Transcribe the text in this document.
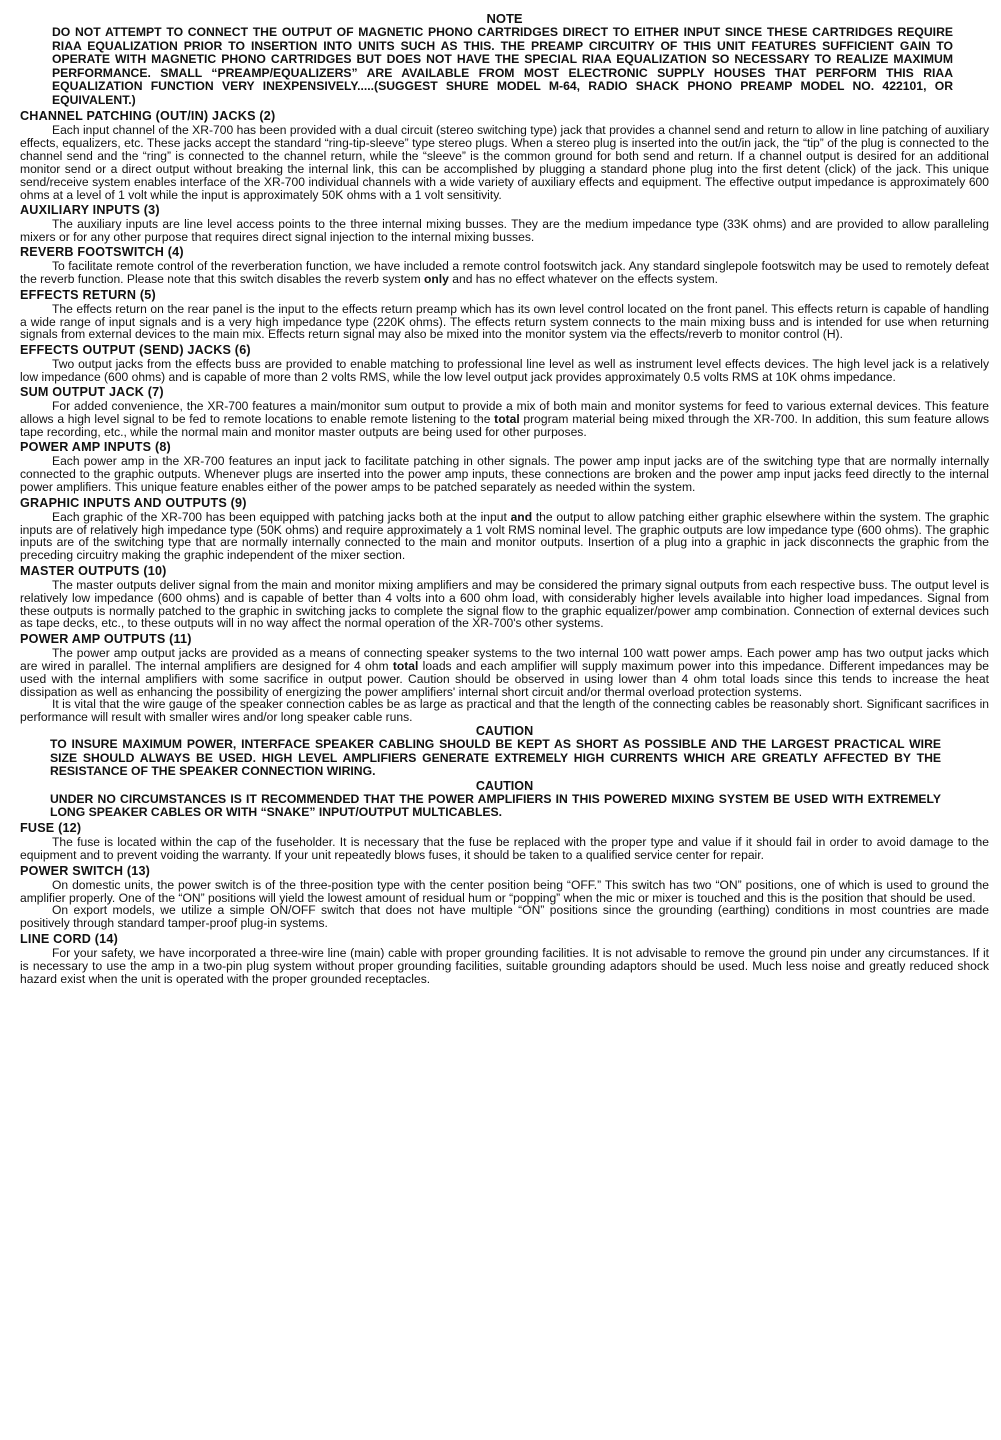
NOTE

DO NOT ATTEMPT TO CONNECT THE OUTPUT OF MAGNETIC PHONO CARTRIDGES DIRECT TO EITHER INPUT SINCE THESE CARTRIDGES REQUIRE RIAA EQUALIZATION PRIOR TO INSERTION INTO UNITS SUCH AS THIS. THE PREAMP CIRCUITRY OF THIS UNIT FEATURES SUFFICIENT GAIN TO OPERATE WITH MAGNETIC PHONO CARTRIDGES BUT DOES NOT HAVE THE SPECIAL RIAA EQUALIZATION SO NECESSARY TO REALIZE MAXIMUM PERFORMANCE. SMALL “PREAMP/EQUALIZERS” ARE AVAILABLE FROM MOST ELECTRONIC SUPPLY HOUSES THAT PERFORM THIS RIAA EQUALIZATION FUNCTION VERY INEXPENSIVELY.....(SUGGEST SHURE MODEL M-64, RADIO SHACK PHONO PREAMP MODEL NO. 422101, OR EQUIVALENT.)

CHANNEL PATCHING (OUT/IN) JACKS (2)

Each input channel of the XR-700 has been provided with a dual circuit (stereo switching type) jack that provides a channel send and return to allow in line patching of auxiliary effects, equalizers, etc. These jacks accept the standard “ring-tip-sleeve” type stereo plugs. When a stereo plug is inserted into the out/in jack, the “tip” of the plug is connected to the channel send and the “ring” is connected to the channel return, while the “sleeve” is the common ground for both send and return. If a channel output is desired for an additional monitor send or a direct output without breaking the internal link, this can be accomplished by plugging a standard phone plug into the first detent (click) of the jack. This unique send/receive system enables interface of the XR-700 individual channels with a wide variety of auxiliary effects and equipment. The effective output impedance is approximately 600 ohms at a level of 1 volt while the input is approximately 50K ohms with a 1 volt sensitivity.

AUXILIARY INPUTS (3)

The auxiliary inputs are line level access points to the three internal mixing busses. They are the medium impedance type (33K ohms) and are provided to allow paralleling mixers or for any other purpose that requires direct signal injection to the internal mixing busses.

REVERB FOOTSWITCH (4)

To facilitate remote control of the reverberation function, we have included a remote control footswitch jack. Any standard singlepole footswitch may be used to remotely defeat the reverb function. Please note that this switch disables the reverb system only and has no effect whatever on the effects system.

EFFECTS RETURN (5)

The effects return on the rear panel is the input to the effects return preamp which has its own level control located on the front panel. This effects return is capable of handling a wide range of input signals and is a very high impedance type (220K ohms). The effects return system connects to the main mixing buss and is intended for use when returning signals from external devices to the main mix. Effects return signal may also be mixed into the monitor system via the effects/reverb to monitor control (H).

EFFECTS OUTPUT (SEND) JACKS (6)

Two output jacks from the effects buss are provided to enable matching to professional line level as well as instrument level effects devices. The high level jack is a relatively low impedance (600 ohms) and is capable of more than 2 volts RMS, while the low level output jack provides approximately 0.5 volts RMS at 10K ohms impedance.

SUM OUTPUT JACK (7)

For added convenience, the XR-700 features a main/monitor sum output to provide a mix of both main and monitor systems for feed to various external devices. This feature allows a high level signal to be fed to remote locations to enable remote listening to the total program material being mixed through the XR-700. In addition, this sum feature allows tape recording, etc., while the normal main and monitor master outputs are being used for other purposes.

POWER AMP INPUTS (8)

Each power amp in the XR-700 features an input jack to facilitate patching in other signals. The power amp input jacks are of the switching type that are normally internally connected to the graphic outputs. Whenever plugs are inserted into the power amp inputs, these connections are broken and the power amp input jacks feed directly to the internal power amplifiers. This unique feature enables either of the power amps to be patched separately as needed within the system.

GRAPHIC INPUTS AND OUTPUTS (9)

Each graphic of the XR-700 has been equipped with patching jacks both at the input and the output to allow patching either graphic elsewhere within the system. The graphic inputs are of relatively high impedance type (50K ohms) and require approximately a 1 volt RMS nominal level. The graphic outputs are low impedance type (600 ohms). The graphic inputs are of the switching type that are normally internally connected to the main and monitor outputs. Insertion of a plug into a graphic in jack disconnects the graphic from the preceding circuitry making the graphic independent of the mixer section.

MASTER OUTPUTS (10)

The master outputs deliver signal from the main and monitor mixing amplifiers and may be considered the primary signal outputs from each respective buss. The output level is relatively low impedance (600 ohms) and is capable of better than 4 volts into a 600 ohm load, with considerably higher levels available into higher load impedances. Signal from these outputs is normally patched to the graphic in switching jacks to complete the signal flow to the graphic equalizer/power amp combination. Connection of external devices such as tape decks, etc., to these outputs will in no way affect the normal operation of the XR-700's other systems.

POWER AMP OUTPUTS (11)

The power amp output jacks are provided as a means of connecting speaker systems to the two internal 100 watt power amps. Each power amp has two output jacks which are wired in parallel. The internal amplifiers are designed for 4 ohm total loads and each amplifier will supply maximum power into this impedance. Different impedances may be used with the internal amplifiers with some sacrifice in output power. Caution should be observed in using lower than 4 ohm total loads since this tends to increase the heat dissipation as well as enhancing the possibility of energizing the power amplifiers' internal short circuit and/or thermal overload protection systems.

It is vital that the wire gauge of the speaker connection cables be as large as practical and that the length of the connecting cables be reasonably short. Significant sacrifices in performance will result with smaller wires and/or long speaker cable runs.

CAUTION

TO INSURE MAXIMUM POWER, INTERFACE SPEAKER CABLING SHOULD BE KEPT AS SHORT AS POSSIBLE AND THE LARGEST PRACTICAL WIRE SIZE SHOULD ALWAYS BE USED. HIGH LEVEL AMPLIFIERS GENERATE EXTREMELY HIGH CURRENTS WHICH ARE GREATLY AFFECTED BY THE RESISTANCE OF THE SPEAKER CONNECTION WIRING.

CAUTION

UNDER NO CIRCUMSTANCES IS IT RECOMMENDED THAT THE POWER AMPLIFIERS IN THIS POWERED MIXING SYSTEM BE USED WITH EXTREMELY LONG SPEAKER CABLES OR WITH “SNAKE” INPUT/OUTPUT MULTICABLES.

FUSE (12)

The fuse is located within the cap of the fuseholder. It is necessary that the fuse be replaced with the proper type and value if it should fail in order to avoid damage to the equipment and to prevent voiding the warranty. If your unit repeatedly blows fuses, it should be taken to a qualified service center for repair.

POWER SWITCH (13)

On domestic units, the power switch is of the three-position type with the center position being “OFF.” This switch has two “ON” positions, one of which is used to ground the amplifier properly. One of the “ON” positions will yield the lowest amount of residual hum or “popping” when the mic or mixer is touched and this is the position that should be used.

On export models, we utilize a simple ON/OFF switch that does not have multiple “ON” positions since the grounding (earthing) conditions in most countries are made positively through standard tamper-proof plug-in systems.

LINE CORD (14)

For your safety, we have incorporated a three-wire line (main) cable with proper grounding facilities. It is not advisable to remove the ground pin under any circumstances. If it is necessary to use the amp in a two-pin plug system without proper grounding facilities, suitable grounding adaptors should be used. Much less noise and greatly reduced shock hazard exist when the unit is operated with the proper grounded receptacles.
